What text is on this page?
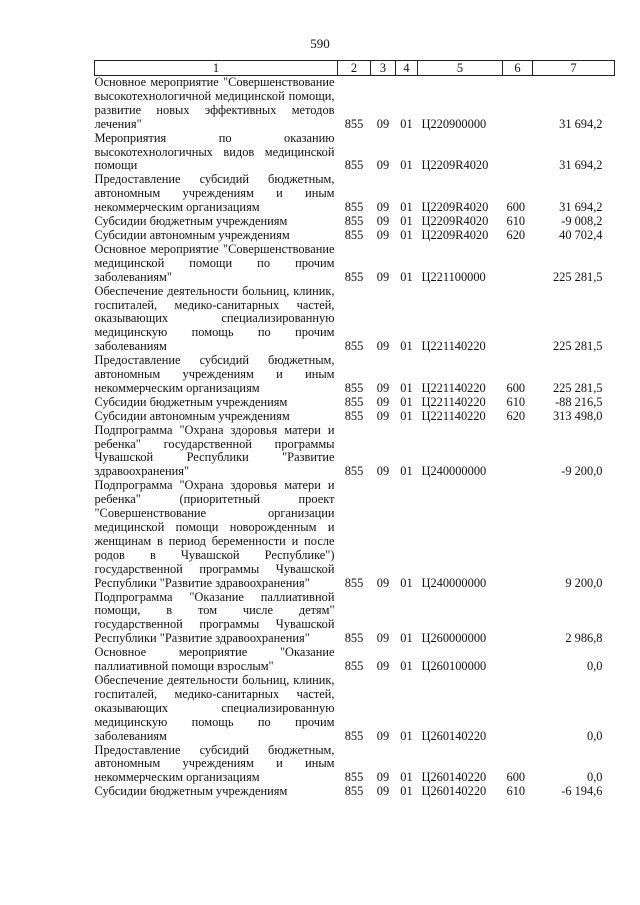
590
1	2	3	4	5	6	7
Основное мероприятие "Совершенствование высокотехнологичной медицинской помощи, развитие новых эффективных методов лечения"	855	09	01	Ц220900000		31 694,2
Мероприятия по оказанию высокотехнологичных видов медицинской помощи	855	09	01	Ц2209R4020		31 694,2
Предоставление субсидий бюджетным, автономным учреждениям и иным некоммерческим организациям	855	09	01	Ц2209R4020	600	31 694,2
Субсидии бюджетным учреждениям	855	09	01	Ц2209R4020	610	-9 008,2
Субсидии автономным учреждениям	855	09	01	Ц2209R4020	620	40 702,4
Основное мероприятие "Совершенствование медицинской помощи по прочим заболеваниям"	855	09	01	Ц221100000		225 281,5
Обеспечение деятельности больниц, клиник, госпиталей, медико-санитарных частей, оказывающих специализированную медицинскую помощь по прочим заболеваниям	855	09	01	Ц221140220		225 281,5
Предоставление субсидий бюджетным, автономным учреждениям и иным некоммерческим организациям	855	09	01	Ц221140220	600	225 281,5
Субсидии бюджетным учреждениям	855	09	01	Ц221140220	610	-88 216,5
Субсидии автономным учреждениям	855	09	01	Ц221140220	620	313 498,0
Подпрограмма "Охрана здоровья матери и ребенка" государственной программы Чувашской Республики "Развитие здравоохранения"	855	09	01	Ц240000000		-9 200,0
Подпрограмма "Охрана здоровья матери и ребенка" (приоритетный проект "Совершенствование организации медицинской помощи новорожденным и женщинам в период беременности и после родов в Чувашской Республике") государственной программы Чувашской Республики "Развитие здравоохранения"	855	09	01	Ц240000000		9 200,0
Подпрограмма "Оказание паллиативной помощи, в том числе детям" государственной программы Чувашской Республики "Развитие здравоохранения"	855	09	01	Ц260000000		2 986,8
Основное мероприятие "Оказание паллиативной помощи взрослым"	855	09	01	Ц260100000		0,0
Обеспечение деятельности больниц, клиник, госпиталей, медико-санитарных частей, оказывающих специализированную медицинскую помощь по прочим заболеваниям	855	09	01	Ц260140220		0,0
Предоставление субсидий бюджетным, автономным учреждениям и иным некоммерческим организациям	855	09	01	Ц260140220	600	0,0
Субсидии бюджетным учреждениям	855	09	01	Ц260140220	610	-6 194,6
